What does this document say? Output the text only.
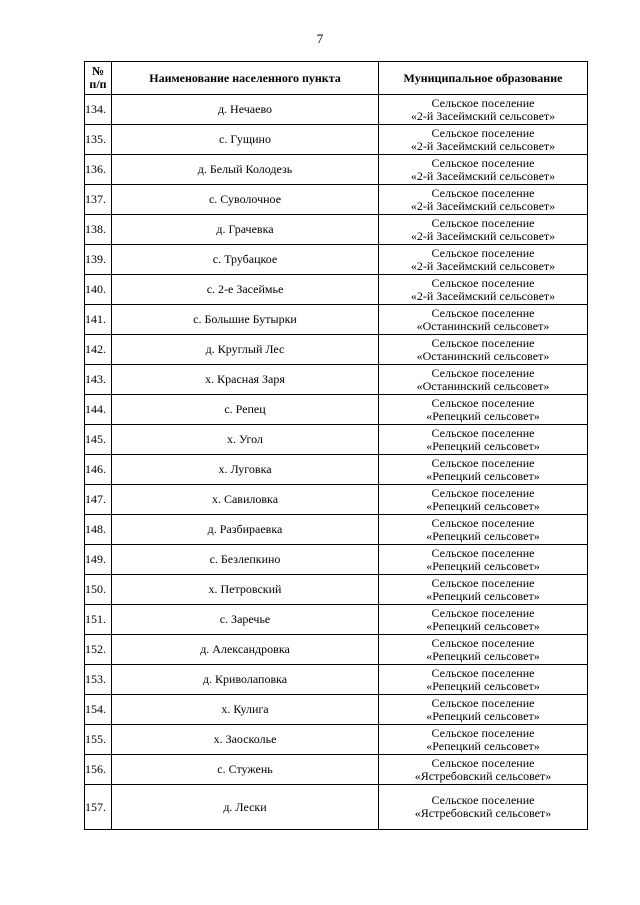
7
№
п/п	Наименование населенного пункта	Муниципальное образование
134.	д. Нечаево	Сельское поселение
«2-й Засеймский сельсовет»

135.	с. Гущино	Сельское поселение
«2-й Засеймский сельсовет»

136.	д. Белый Колодезь	Сельское поселение
«2-й Засеймский сельсовет»

137.	с. Суволочное	Сельское поселение
«2-й Засеймский сельсовет»

138.	д. Грачевка	Сельское поселение
«2-й Засеймский сельсовет»

139.	с. Трубацкое	Сельское поселение
«2-й Засеймский сельсовет»

140.	с. 2-е Засеймье	Сельское поселение
«2-й Засеймский сельсовет»

141.	с. Большие Бутырки	Сельское поселение
«Останинский сельсовет»

142.	д. Круглый Лес	Сельское поселение
«Останинский сельсовет»

143.	х. Красная Заря	Сельское поселение
«Останинский сельсовет»

144.	с. Репец	Сельское поселение
«Репецкий сельсовет»

145.	х. Угол	Сельское поселение
«Репецкий сельсовет»

146.	х. Луговка	Сельское поселение
«Репецкий сельсовет»

147.	х. Савиловка	Сельское поселение
«Репецкий сельсовет»

148.	д. Разбираевка	Сельское поселение
«Репецкий сельсовет»

149.	с. Безлепкино	Сельское поселение
«Репецкий сельсовет»

150.	х. Петровский	Сельское поселение
«Репецкий сельсовет»

151.	с. Заречье	Сельское поселение
«Репецкий сельсовет»

152.	д. Александровка	Сельское поселение
«Репецкий сельсовет»

153.	д. Криволаповка	Сельское поселение
«Репецкий сельсовет»

154.	х. Кулига	Сельское поселение
«Репецкий сельсовет»

155.	х. Заоскольe	Сельское поселение
«Репецкий сельсовет»

156.	с. Стужень	Сельское поселение
«Ястребовский сельсовет»

157.	д. Лески	Сельское поселение
«Ястребовский сельсовет»
